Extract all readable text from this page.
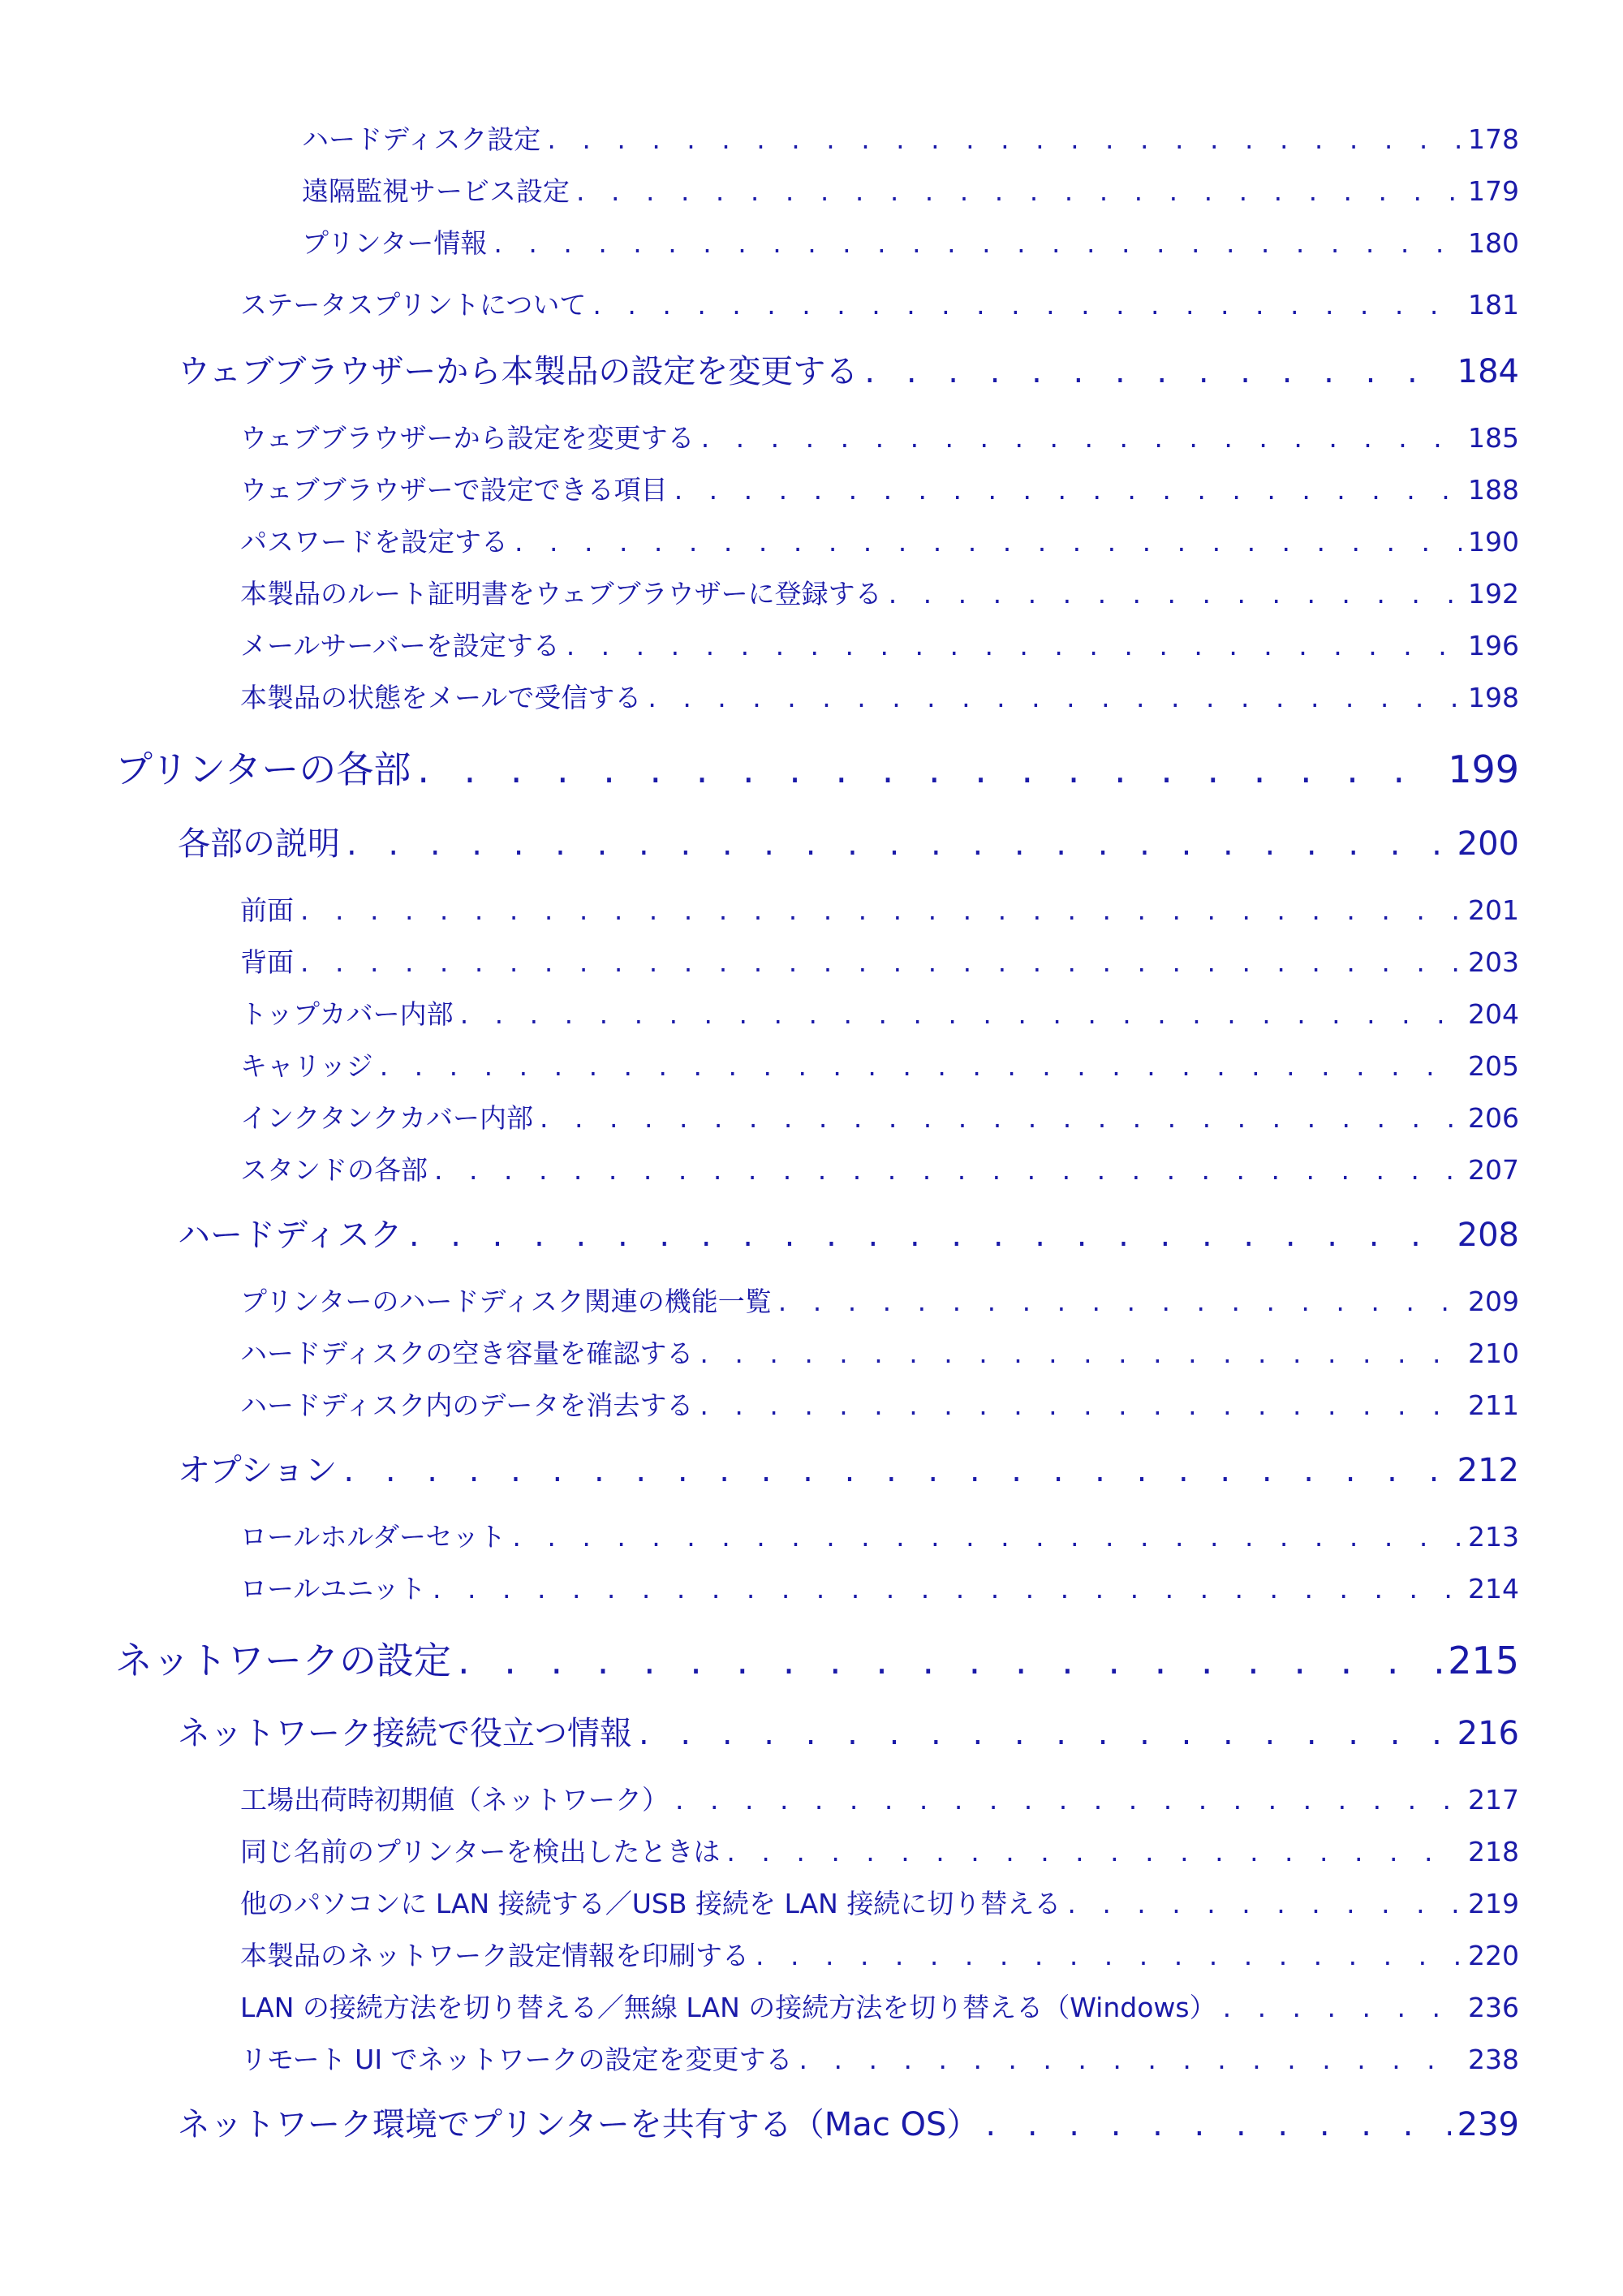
ハードディスク設定 . . .	178
遠隔監視サービス設定 . . .	179
プリンター情報 . . .	180
ステータスプリントについて . . .	181
ウェブブラウザーから本製品の設定を変更する . . .	184
ウェブブラウザーから設定を変更する . . .	185
ウェブブラウザーで設定できる項目 . . .	188
パスワードを設定する . . .	190
本製品のルート証明書をウェブブラウザーに登録する . . .	192
メールサーバーを設定する . . .	196
本製品の状態をメールで受信する . . .	198
プリンターの各部 . . .	199
各部の説明 . . .	200
前面 . . .	201
背面 . . .	203
トップカバー内部 . . .	204
キャリッジ . . .	205
インクタンクカバー内部 . . .	206
スタンドの各部 . . .	207
ハードディスク . . .	208
プリンターのハードディスク関連の機能一覧 . . .	209
ハードディスクの空き容量を確認する . . .	210
ハードディスク内のデータを消去する . . .	211
オプション . . .	212
ロールホルダーセット . . .	213
ロールユニット . . .	214
ネットワークの設定 . . .	215
ネットワーク接続で役立つ情報 . . .	216
工場出荷時初期値（ネットワーク） . . .	217
同じ名前のプリンターを検出したときは . . .	218
他のパソコンに LAN 接続する／USB 接続を LAN 接続に切り替える . . .	219
本製品のネットワーク設定情報を印刷する . . .	220
LAN の接続方法を切り替える／無線 LAN の接続方法を切り替える（Windows） . . .	236
リモート UI でネットワークの設定を変更する . . .	238
ネットワーク環境でプリンターを共有する（Mac OS） . . .	239
